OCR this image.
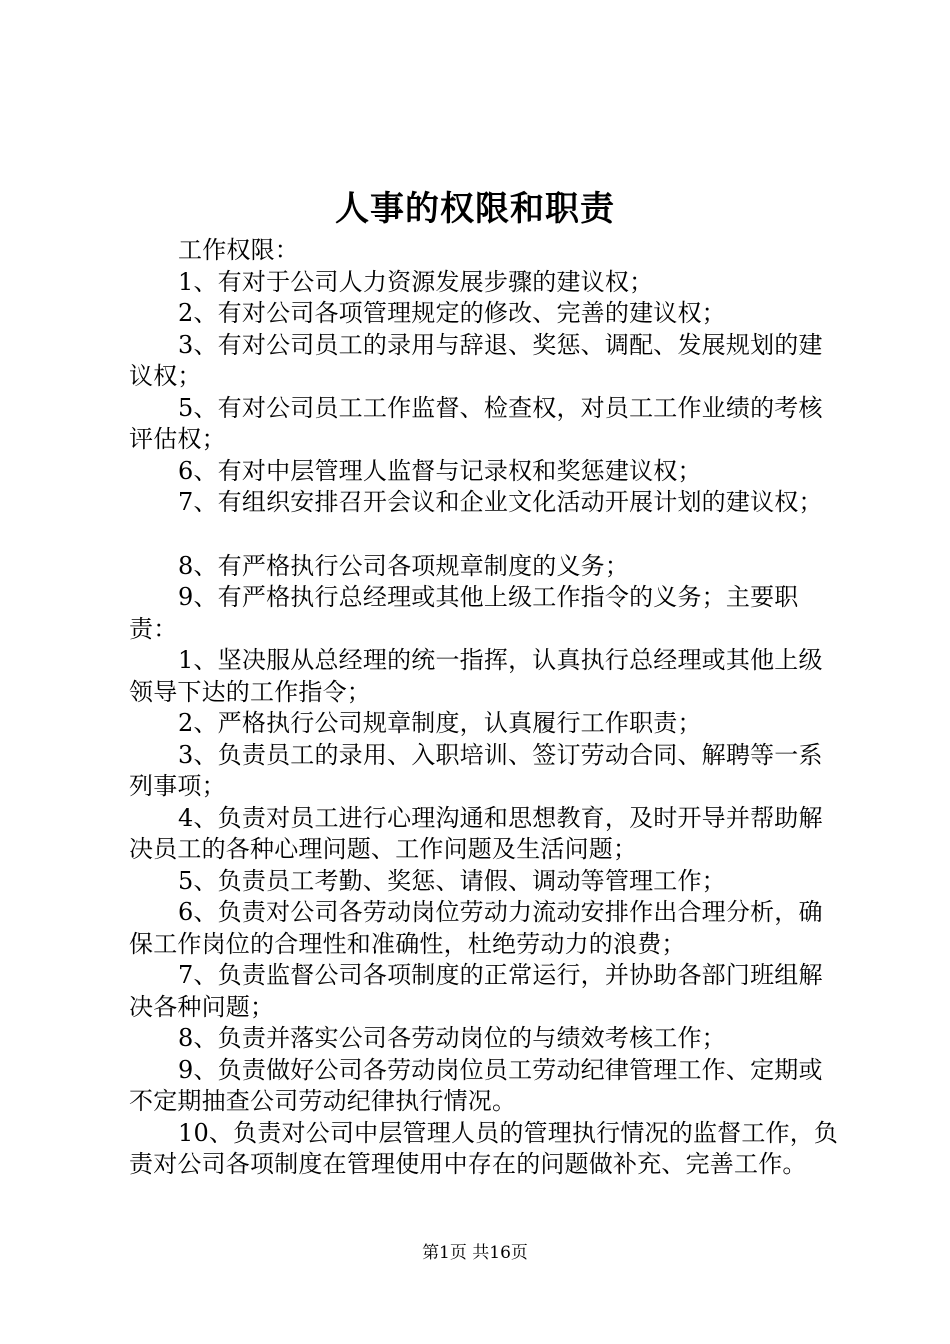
人事的权限和职责

工作权限：

1、有对于公司人力资源发展步骤的建议权；

2、有对公司各项管理规定的修改、完善的建议权；

3、有对公司员工的录用与辞退、奖惩、调配、发展规划的建议权；

5、有对公司员工工作监督、检查权，对员工工作业绩的考核评估权；

6、有对中层管理人监督与记录权和奖惩建议权；

7、有组织安排召开会议和企业文化活动开展计划的建议权；

8、有严格执行公司各项规章制度的义务；

9、有严格执行总经理或其他上级工作指令的义务；主要职责：

1、坚决服从总经理的统一指挥，认真执行总经理或其他上级领导下达的工作指令；

2、严格执行公司规章制度，认真履行工作职责；

3、负责员工的录用、入职培训、签订劳动合同、解聘等一系列事项；

4、负责对员工进行心理沟通和思想教育，及时开导并帮助解决员工的各种心理问题、工作问题及生活问题；

5、负责员工考勤、奖惩、请假、调动等管理工作；

6、负责对公司各劳动岗位劳动力流动安排作出合理分析，确保工作岗位的合理性和准确性，杜绝劳动力的浪费；

7、负责监督公司各项制度的正常运行，并协助各部门班组解决各种问题；

8、负责并落实公司各劳动岗位的与绩效考核工作；

9、负责做好公司各劳动岗位员工劳动纪律管理工作、定期或不定期抽查公司劳动纪律执行情况。

10、负责对公司中层管理人员的管理执行情况的监督工作，负责对公司各项制度在管理使用中存在的问题做补充、完善工作。

第1页 共16页
